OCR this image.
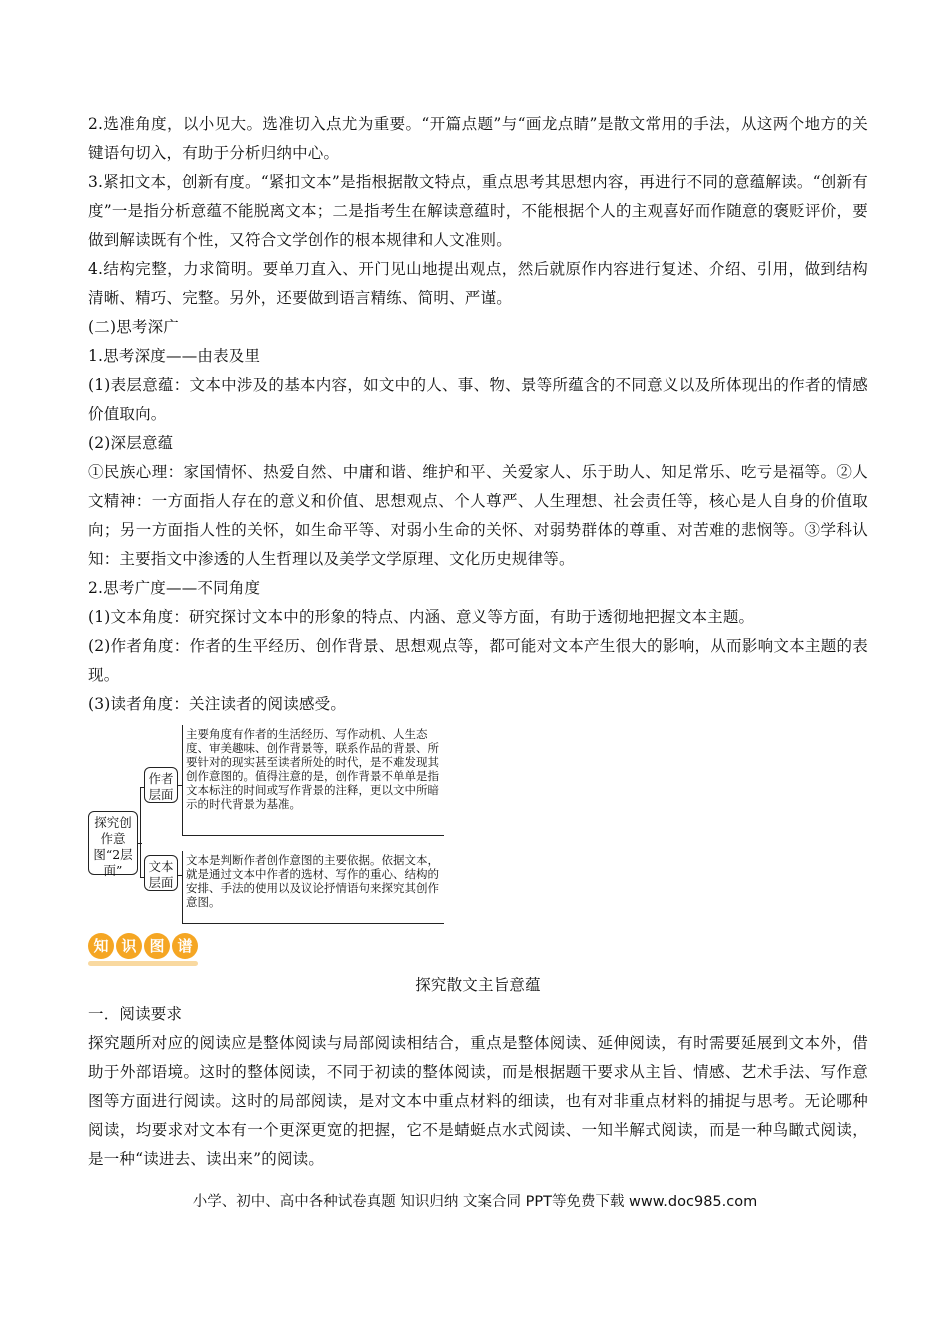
2.选准角度，以小见大。选准切入点尤为重要。“开篇点题”与“画龙点睛”是散文常用的手法，从这两个地方的关键语句切入，有助于分析归纳中心。

3.紧扣文本，创新有度。“紧扣文本”是指根据散文特点，重点思考其思想内容，再进行不同的意蕴解读。“创新有度”一是指分析意蕴不能脱离文本；二是指考生在解读意蕴时，不能根据个人的主观喜好而作随意的褒贬评价，要做到解读既有个性，又符合文学创作的根本规律和人文准则。

4.结构完整，力求简明。要单刀直入、开门见山地提出观点，然后就原作内容进行复述、介绍、引用，做到结构清晰、精巧、完整。另外，还要做到语言精练、简明、严谨。

(二)思考深广

1.思考深度——由表及里

(1)表层意蕴：文本中涉及的基本内容，如文中的人、事、物、景等所蕴含的不同意义以及所体现出的作者的情感价值取向。

(2)深层意蕴

①民族心理：家国情怀、热爱自然、中庸和谐、维护和平、关爱家人、乐于助人、知足常乐、吃亏是福等。②人文精神：一方面指人存在的意义和价值、思想观点、个人尊严、人生理想、社会责任等，核心是人自身的价值取向；另一方面指人性的关怀，如生命平等、对弱小生命的关怀、对弱势群体的尊重、对苦难的悲悯等。③学科认知：主要指文中渗透的人生哲理以及美学文学原理、文化历史规律等。

2.思考广度——不同角度

(1)文本角度：研究探讨文本中的形象的特点、内涵、意义等方面，有助于透彻地把握文本主题。

(2)作者角度：作者的生平经历、创作背景、思想观点等，都可能对文本产生很大的影响，从而影响文本主题的表现。

(3)读者角度：关注读者的阅读感受。

探究创作意图“2层面”
作者层面
文本层面
主要角度有作者的生活经历、写作动机、人生态度、审美趣味、创作背景等，联系作品的背景、所要针对的现实甚至读者所处的时代，是不难发现其创作意图的。值得注意的是，创作背景不单单是指文本标注的时间或写作背景的注释，更以文中所暗示的时代背景为基准。
文本是判断作者创作意图的主要依据。依据文本，就是通过文本中作者的选材、写作的重心、结构的安排、手法的使用以及议论抒情语句来探究其创作意图。
知 识 图 谱

探究散文主旨意蕴

一．阅读要求

探究题所对应的阅读应是整体阅读与局部阅读相结合，重点是整体阅读、延伸阅读，有时需要延展到文本外，借助于外部语境。这时的整体阅读，不同于初读的整体阅读，而是根据题干要求从主旨、情感、艺术手法、写作意图等方面进行阅读。这时的局部阅读，是对文本中重点材料的细读，也有对非重点材料的捕捉与思考。无论哪种阅读，均要求对文本有一个更深更宽的把握，它不是蜻蜓点水式阅读、一知半解式阅读，而是一种鸟瞰式阅读，是一种“读进去、读出来”的阅读。

小学、初中、高中各种试卷真题 知识归纳 文案合同 PPT等免费下载 www.doc985.com
